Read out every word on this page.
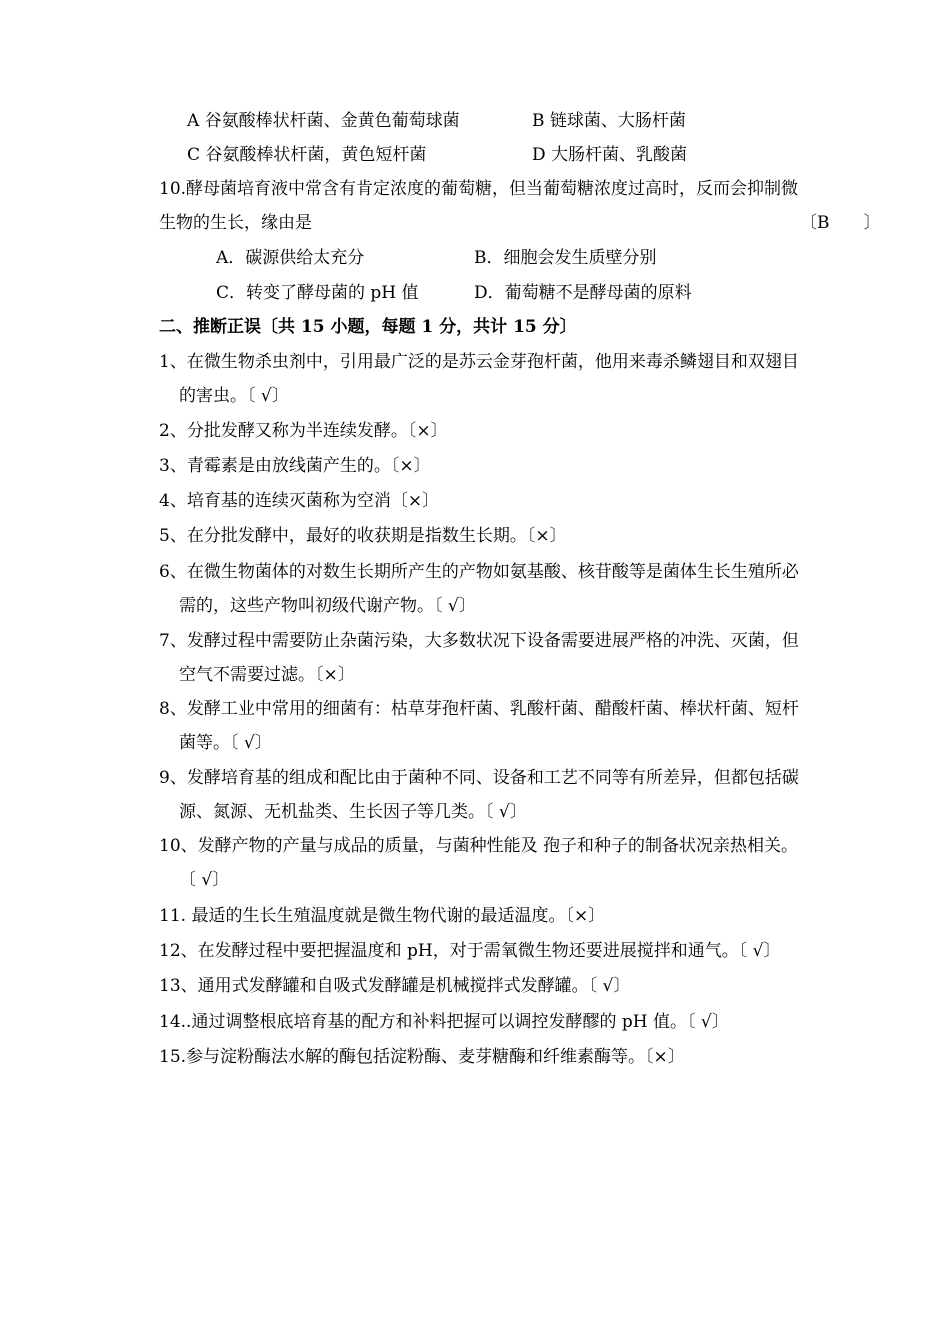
A 谷氨酸棒状杆菌、金黄色葡萄球菌	B 链球菌、大肠杆菌
C 谷氨酸棒状杆菌，黄色短杆菌	D 大肠杆菌、乳酸菌
10.酵母菌培育液中常含有肯定浓度的葡萄糖，但当葡萄糖浓度过高时，反而会抑制微
生物的生长，缘由是	〔B　　〕
A．碳源供给太充分	B．细胞会发生质壁分别
C．转变了酵母菌的 pH 值	D．葡萄糖不是酵母菌的原料
二、推断正误〔共 15 小题，每题 1 分，共计 15 分〕
1、在微生物杀虫剂中，引用最广泛的是苏云金芽孢杆菌，他用来毒杀鳞翅目和双翅目
的害虫。〔 √〕
2、分批发酵又称为半连续发酵。〔×〕
3、青霉素是由放线菌产生的。〔×〕
4、培育基的连续灭菌称为空消〔×〕
5、在分批发酵中，最好的收获期是指数生长期。〔×〕
6、在微生物菌体的对数生长期所产生的产物如氨基酸、核苷酸等是菌体生长生殖所必
需的，这些产物叫初级代谢产物。〔 √〕
7、发酵过程中需要防止杂菌污染，大多数状况下设备需要进展严格的冲洗、灭菌，但
空气不需要过滤。〔×〕
8、发酵工业中常用的细菌有：枯草芽孢杆菌、乳酸杆菌、醋酸杆菌、棒状杆菌、短杆
菌等。〔 √〕
9、发酵培育基的组成和配比由于菌种不同、设备和工艺不同等有所差异，但都包括碳
源、氮源、无机盐类、生长因子等几类。〔 √〕
10、发酵产物的产量与成品的质量，与菌种性能及 孢子和种子的制备状况亲热相关。
〔 √〕
11. 最适的生长生殖温度就是微生物代谢的最适温度。〔×〕
12、在发酵过程中要把握温度和 pH，对于需氧微生物还要进展搅拌和通气。〔 √〕
13、通用式发酵罐和自吸式发酵罐是机械搅拌式发酵罐。〔 √〕
14..通过调整根底培育基的配方和补料把握可以调控发酵醪的 pH 值。〔 √〕
15.参与淀粉酶法水解的酶包括淀粉酶、麦芽糖酶和纤维素酶等。〔×〕
